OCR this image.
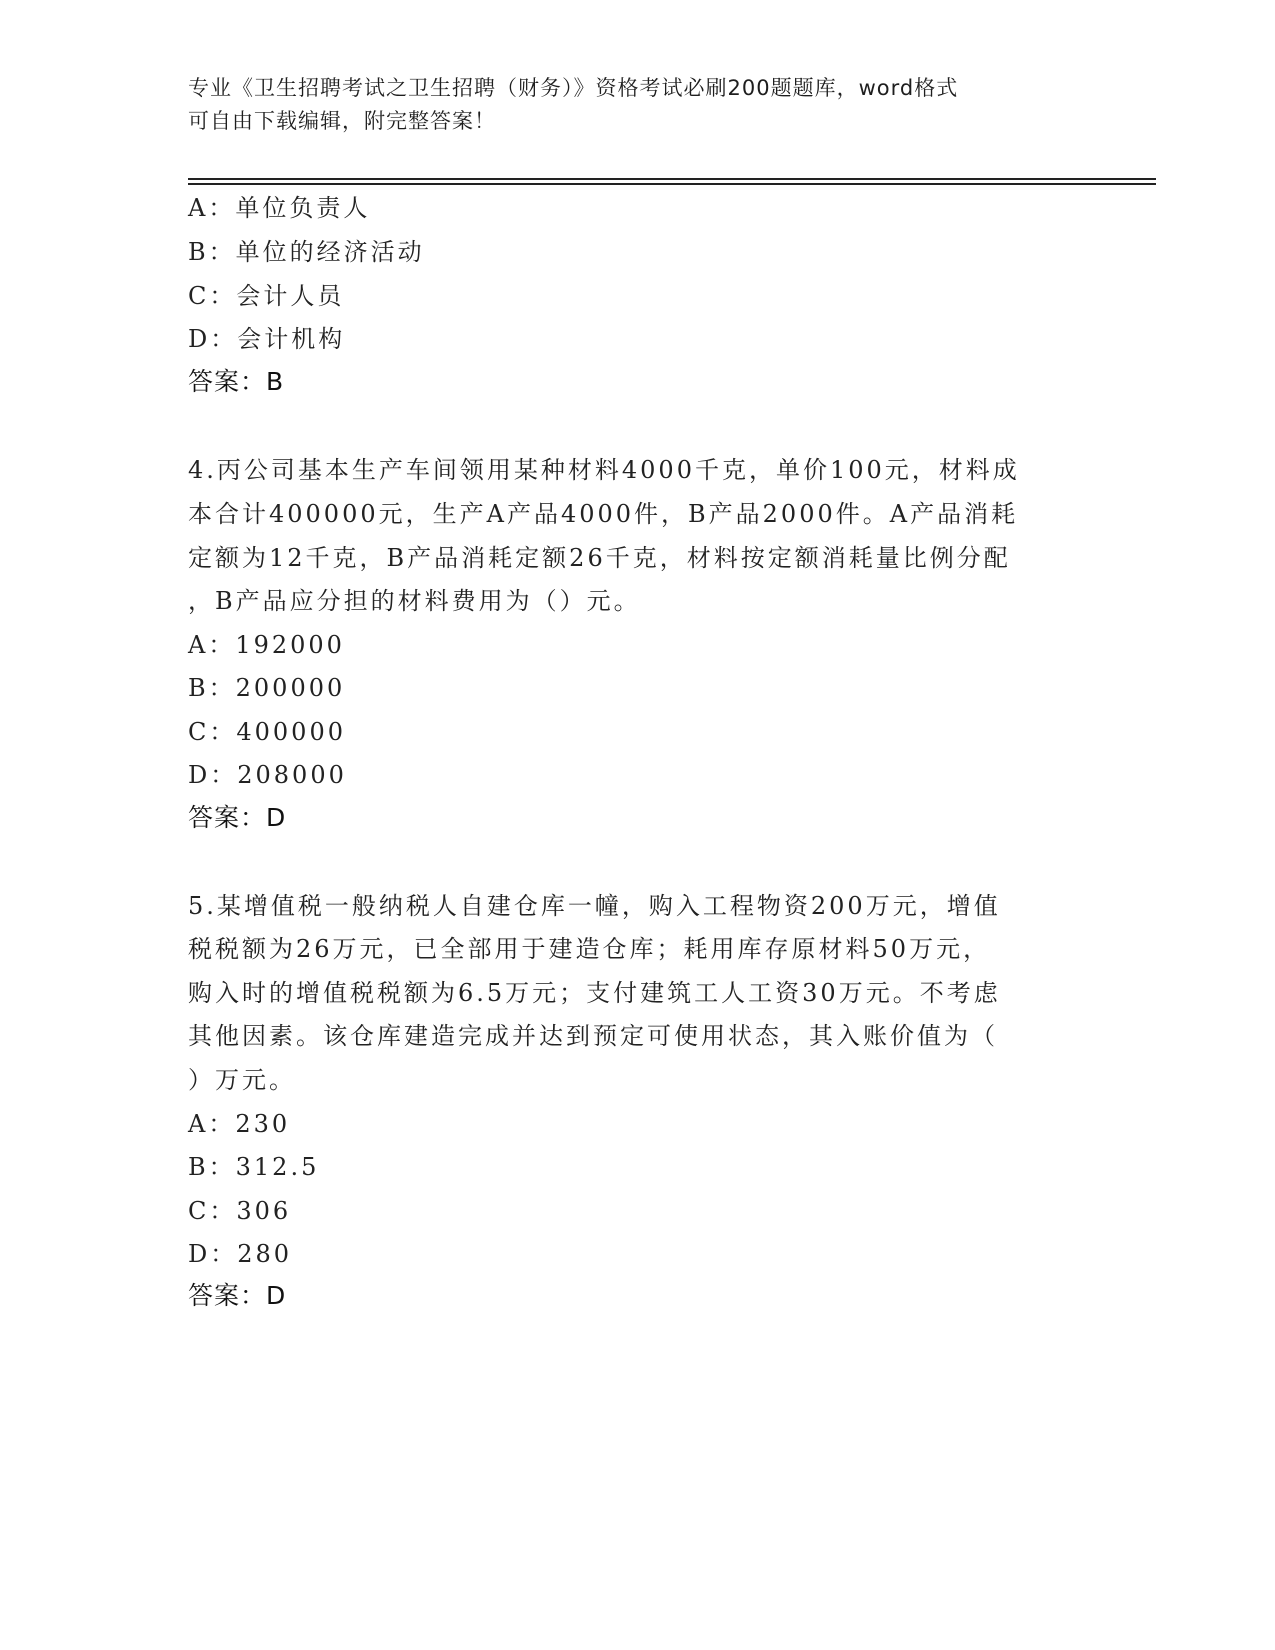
专业《卫生招聘考试之卫生招聘（财务）》资格考试必刷200题题库，word格式
可自由下载编辑，附完整答案！
A：单位负责人
B：单位的经济活动
C：会计人员
D：会计机构
答案：B
4.丙公司基本生产车间领用某种材料4000千克，单价100元，材料成
本合计400000元，生产A产品4000件，B产品2000件。A产品消耗
定额为12千克，B产品消耗定额26千克，材料按定额消耗量比例分配
，B产品应分担的材料费用为（）元。
A：192000
B：200000
C：400000
D：208000
答案：D
5.某增值税一般纳税人自建仓库一幢，购入工程物资200万元，增值
税税额为26万元，已全部用于建造仓库；耗用库存原材料50万元，
购入时的增值税税额为6.5万元；支付建筑工人工资30万元。不考虑
其他因素。该仓库建造完成并达到预定可使用状态，其入账价值为（
）万元。
A：230
B：312.5
C：306
D：280
答案：D
